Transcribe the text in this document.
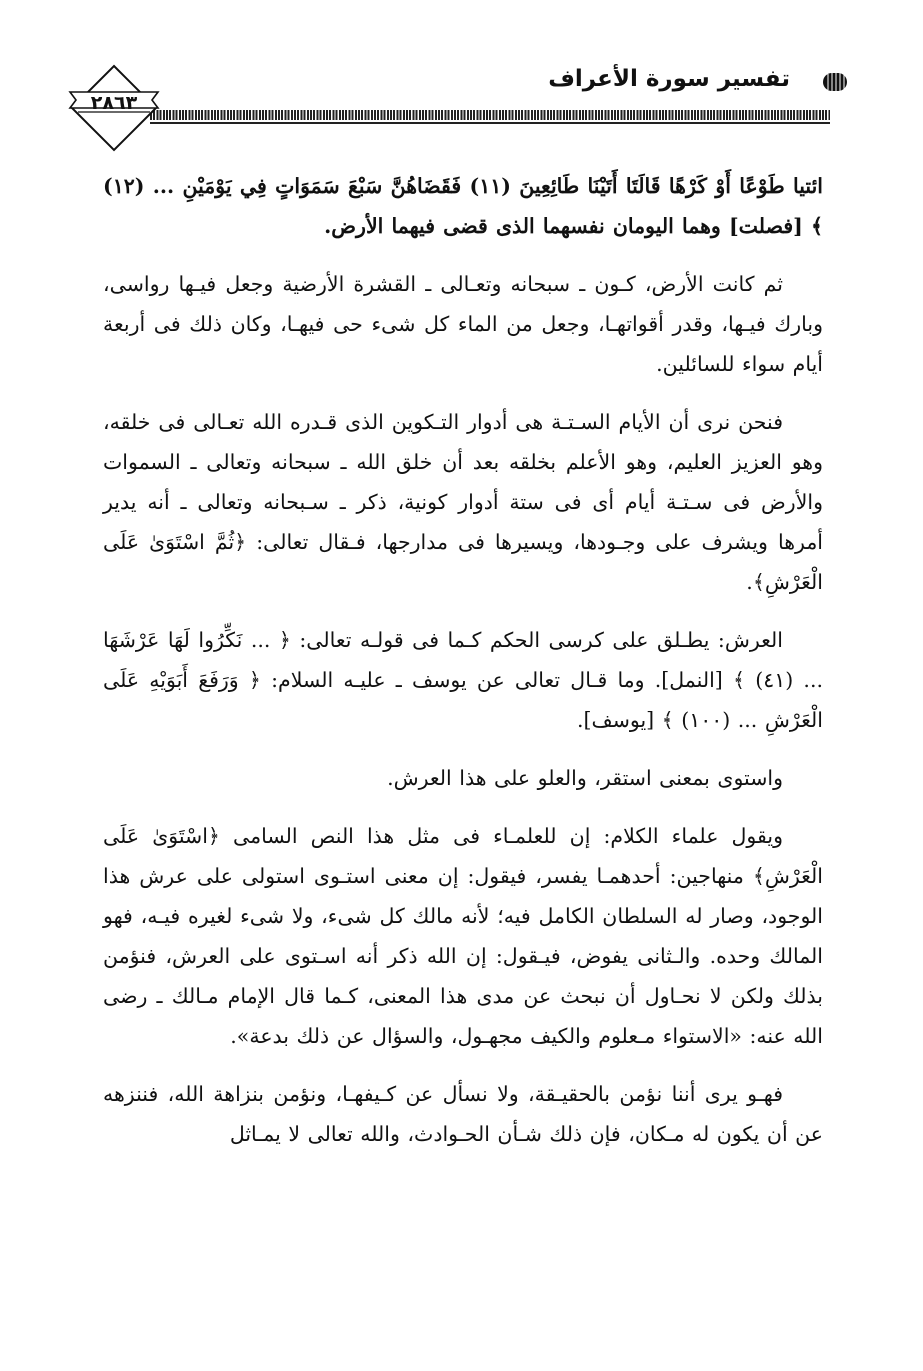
تفسير سورة الأعراف
٢٨٦٣

ائتيا طَوْعًا أَوْ كَرْهًا قَالَتَا أَتَيْنَا طَائِعِينَ (١١) فَقَضَاهُنَّ سَبْعَ سَمَوَاتٍ فِي يَوْمَيْنِ ... (١٢) ﴾ [فصلت] وهما اليومان نفسهما الذى قضى فيهما الأرض.

ثم كانت الأرض، كـون ـ سبحانه وتعـالى ـ القشرة الأرضية وجعل فيـها رواسى، وبارك فيـها، وقدر أقواتهـا، وجعل من الماء كل شىء حى فيهـا، وكان ذلك فى أربعة أيام سواء للسائلين.

فنحن نرى أن الأيام السـتـة هى أدوار التـكوين الذى قـدره الله تعـالى فى خلقه، وهو العزيز العليم، وهو الأعلم بخلقه بعد أن خلق الله ـ سبحانه وتعالى ـ السموات والأرض فى سـتـة أيام أى فى ستة أدوار كونية، ذكر ـ سـبحانه وتعالى ـ أنه يدير أمرها ويشرف على وجـودها، ويسيرها فى مدارجها، فـقال تعالى: ﴿ثُمَّ اسْتَوَىٰ عَلَى الْعَرْشِ﴾.

العرش: يطـلق على كرسى الحكم كـما فى قولـه تعالى: ﴿ ... نَكِّرُوا لَهَا عَرْشَهَا ... (٤١) ﴾ [النمل]. وما قـال تعالى عن يوسف ـ عليـه السلام: ﴿ وَرَفَعَ أَبَوَيْهِ عَلَى الْعَرْشِ ... (١٠٠) ﴾ [يوسف].

واستوى بمعنى استقر، والعلو على هذا العرش.

ويقول علماء الكلام: إن للعلمـاء فى مثل هذا النص السامى ﴿اسْتَوَىٰ عَلَى الْعَرْشِ﴾ منهاجين: أحدهمـا يفسر، فيقول: إن معنى استـوى استولى على عرش هذا الوجود، وصار له السلطان الكامل فيه؛ لأنه مالك كل شىء، ولا شىء لغيره فيـه، فهو المالك وحده. والـثانى يفوض، فيـقول: إن الله ذكر أنه اسـتوى على العرش، فنؤمن بذلك ولكن لا نحـاول أن نبحث عن مدى هذا المعنى، كـما قال الإمام مـالك ـ رضى الله عنه: «الاستواء مـعلوم والكيف مجهـول، والسؤال عن ذلك بدعة».

فهـو يرى أننا نؤمن بالحقيـقة، ولا نسأل عن كـيفهـا، ونؤمن بنزاهة الله، فننزهه عن أن يكون له مـكان، فإن ذلك شـأن الحـوادث، والله تعالى لا يمـاثل
